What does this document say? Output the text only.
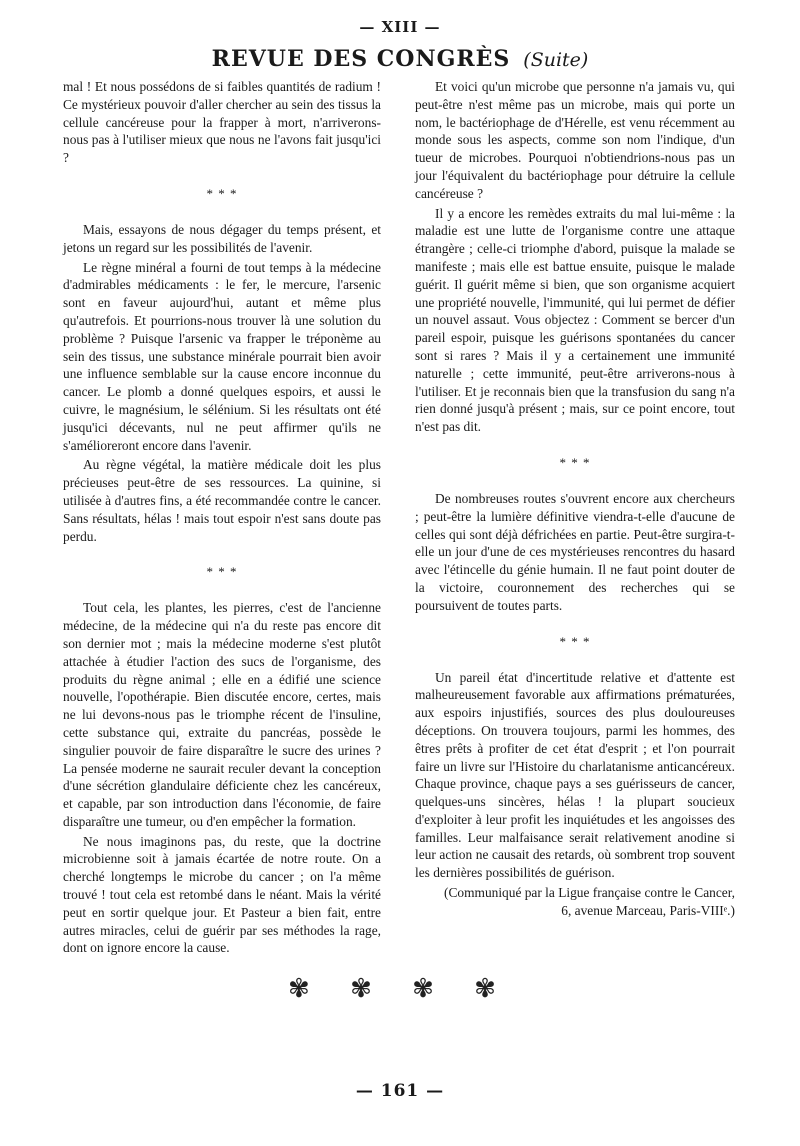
— XIII —
REVUE DES CONGRÈS (Suite)

mal ! Et nous possédons de si faibles quantités de radium ! Ce mystérieux pouvoir d'aller chercher au sein des tissus la cellule cancéreuse pour la frapper à mort, n'arriverons-nous pas à l'utiliser mieux que nous ne l'avons fait jusqu'ici ?

* * *

Mais, essayons de nous dégager du temps présent, et jetons un regard sur les possibilités de l'avenir.

Le règne minéral a fourni de tout temps à la médecine d'admirables médicaments : le fer, le mercure, l'arsenic sont en faveur aujourd'hui, autant et même plus qu'autrefois. Et pourrions-nous trouver là une solution du problème ? Puisque l'arsenic va frapper le tréponème au sein des tissus, une substance minérale pourrait bien avoir une influence semblable sur la cause encore inconnue du cancer. Le plomb a donné quelques espoirs, et aussi le cuivre, le magnésium, le sélénium. Si les résultats ont été jusqu'ici décevants, nul ne peut affirmer qu'ils ne s'amélioreront encore dans l'avenir.

Au règne végétal, la matière médicale doit les plus précieuses peut-être de ses ressources. La quinine, si utilisée à d'autres fins, a été recommandée contre le cancer. Sans résultats, hélas ! mais tout espoir n'est sans doute pas perdu.

* * *

Tout cela, les plantes, les pierres, c'est de l'ancienne médecine, de la médecine qui n'a du reste pas encore dit son dernier mot ; mais la médecine moderne s'est plutôt attachée à étudier l'action des sucs de l'organisme, des produits du règne animal ; elle en a édifié une science nouvelle, l'opothérapie. Bien discutée encore, certes, mais ne lui devons-nous pas le triomphe récent de l'insuline, cette substance qui, extraite du pancréas, possède le singulier pouvoir de faire disparaître le sucre des urines ? La pensée moderne ne saurait reculer devant la conception d'une sécrétion glandulaire déficiente chez les cancéreux, et capable, par son introduction dans l'économie, de faire disparaître une tumeur, ou d'en empêcher la formation.

Ne nous imaginons pas, du reste, que la doctrine microbienne soit à jamais écartée de notre route. On a cherché longtemps le microbe du cancer ; on l'a même trouvé ! tout cela est retombé dans le néant. Mais la vérité peut en sortir quelque jour. Et Pasteur a bien fait, entre autres miracles, celui de guérir par ses méthodes la rage, dont on ignore encore la cause.

Et voici qu'un microbe que personne n'a jamais vu, qui peut-être n'est même pas un microbe, mais qui porte un nom, le bactériophage de d'Hérelle, est venu récemment au monde sous les aspects, comme son nom l'indique, d'un tueur de microbes. Pourquoi n'obtiendrions-nous pas un jour l'équivalent du bactériophage pour détruire la cellule cancéreuse ?

Il y a encore les remèdes extraits du mal lui-même : la maladie est une lutte de l'organisme contre une attaque étrangère ; celle-ci triomphe d'abord, puisque la malade se manifeste ; mais elle est battue ensuite, puisque le malade guérit. Il guérit même si bien, que son organisme acquiert une propriété nouvelle, l'immunité, qui lui permet de défier un nouvel assaut. Vous objectez : Comment se bercer d'un pareil espoir, puisque les guérisons spontanées du cancer sont si rares ? Mais il y a certainement une immunité naturelle ; cette immunité, peut-être arriverons-nous à l'utiliser. Et je reconnais bien que la transfusion du sang n'a rien donné jusqu'à présent ; mais, sur ce point encore, tout n'est pas dit.

* * *

De nombreuses routes s'ouvrent encore aux chercheurs ; peut-être la lumière définitive viendra-t-elle d'aucune de celles qui sont déjà défrichées en partie. Peut-être surgira-t-elle un jour d'une de ces mystérieuses rencontres du hasard avec l'étincelle du génie humain. Il ne faut point douter de la victoire, couronnement des recherches qui se poursuivent de toutes parts.

* * *

Un pareil état d'incertitude relative et d'attente est malheureusement favorable aux affirmations prématurées, aux espoirs injustifiés, sources des plus douloureuses déceptions. On trouvera toujours, parmi les hommes, des êtres prêts à profiter de cet état d'esprit ; et l'on pourrait faire un livre sur l'Histoire du charlatanisme anticancéreux. Chaque province, chaque pays a ses guérisseurs de cancer, quelques-uns sincères, hélas ! la plupart soucieux d'exploiter à leur profit les inquiétudes et les angoisses des familles. Leur malfaisance serait relativement anodine si leur action ne causait des retards, où sombrent trop souvent les dernières possibilités de guérison.

(Communiqué par la Ligue française contre le Cancer,
6, avenue Marceau, Paris-VIIIᵉ.)

✾ ✾ ✾ ✾
— 161 —
